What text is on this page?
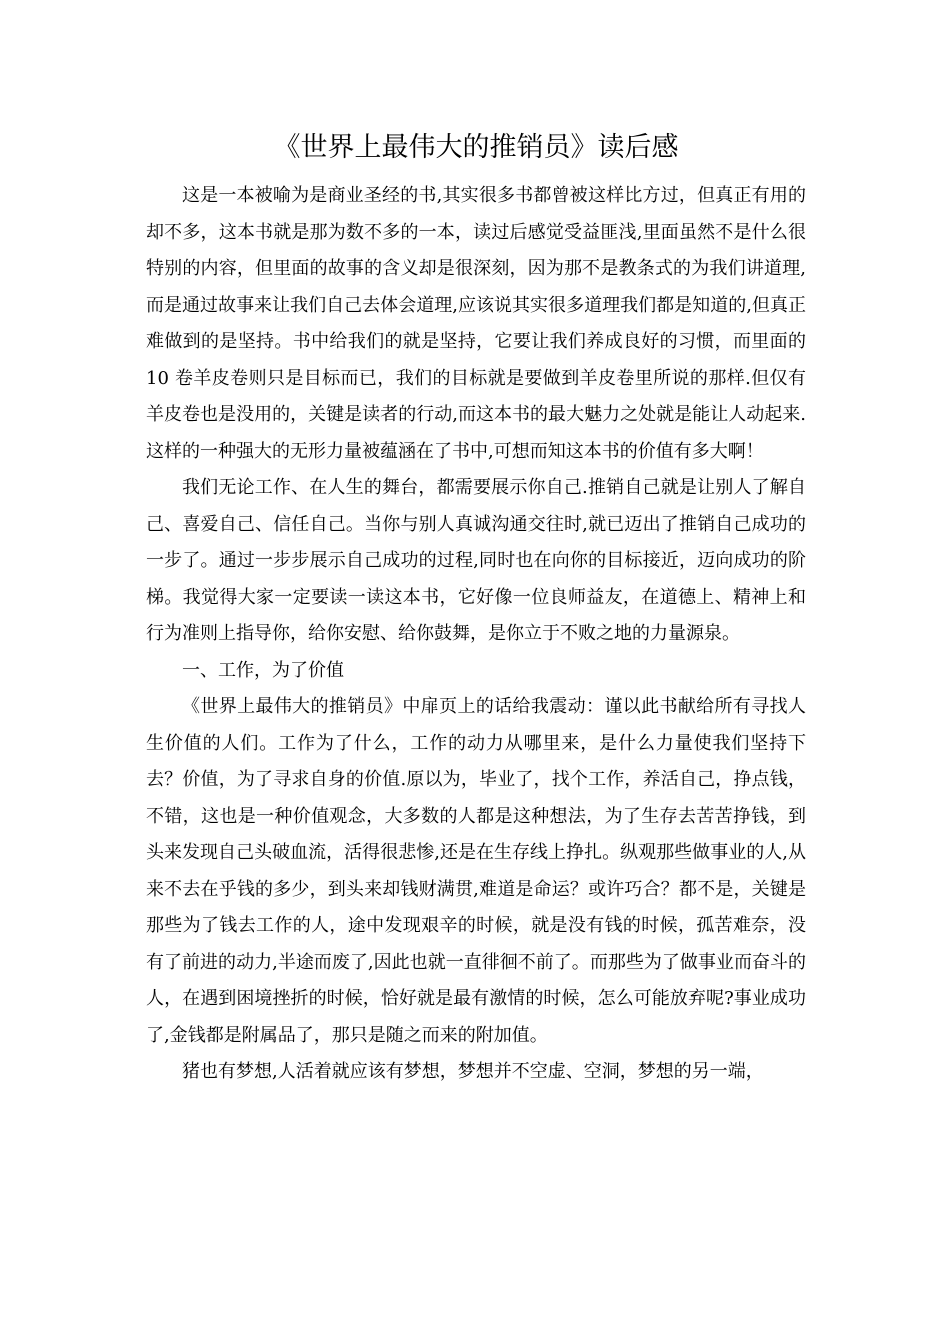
《世界上最伟大的推销员》读后感

这是一本被喻为是商业圣经的书,其实很多书都曾被这样比方过，但真正有用的却不多，这本书就是那为数不多的一本，读过后感觉受益匪浅,里面虽然不是什么很特别的内容，但里面的故事的含义却是很深刻，因为那不是教条式的为我们讲道理,而是通过故事来让我们自己去体会道理,应该说其实很多道理我们都是知道的,但真正难做到的是坚持。书中给我们的就是坚持，它要让我们养成良好的习惯，而里面的 10 卷羊皮卷则只是目标而已，我们的目标就是要做到羊皮卷里所说的那样.但仅有羊皮卷也是没用的，关键是读者的行动,而这本书的最大魅力之处就是能让人动起来.这样的一种强大的无形力量被蕴涵在了书中,可想而知这本书的价值有多大啊！

我们无论工作、在人生的舞台，都需要展示你自己.推销自己就是让别人了解自己、喜爱自己、信任自己。当你与别人真诚沟通交往时,就已迈出了推销自己成功的一步了。通过一步步展示自己成功的过程,同时也在向你的目标接近，迈向成功的阶梯。我觉得大家一定要读一读这本书，它好像一位良师益友，在道德上、精神上和行为准则上指导你，给你安慰、给你鼓舞，是你立于不败之地的力量源泉。

一、工作，为了价值

《世界上最伟大的推销员》中扉页上的话给我震动：谨以此书献给所有寻找人生价值的人们。工作为了什么，工作的动力从哪里来，是什么力量使我们坚持下去？价值，为了寻求自身的价值.原以为，毕业了，找个工作，养活自己，挣点钱，不错，这也是一种价值观念，大多数的人都是这种想法，为了生存去苦苦挣钱，到头来发现自己头破血流，活得很悲惨,还是在生存线上挣扎。纵观那些做事业的人,从来不去在乎钱的多少，到头来却钱财满贯,难道是命运？或许巧合？都不是，关键是那些为了钱去工作的人，途中发现艰辛的时候，就是没有钱的时候，孤苦难奈，没有了前进的动力,半途而废了,因此也就一直徘徊不前了。而那些为了做事业而奋斗的人，在遇到困境挫折的时候，恰好就是最有激情的时候，怎么可能放弃呢?事业成功了,金钱都是附属品了，那只是随之而来的附加值。

猪也有梦想,人活着就应该有梦想，梦想并不空虚、空洞，梦想的另一端，
